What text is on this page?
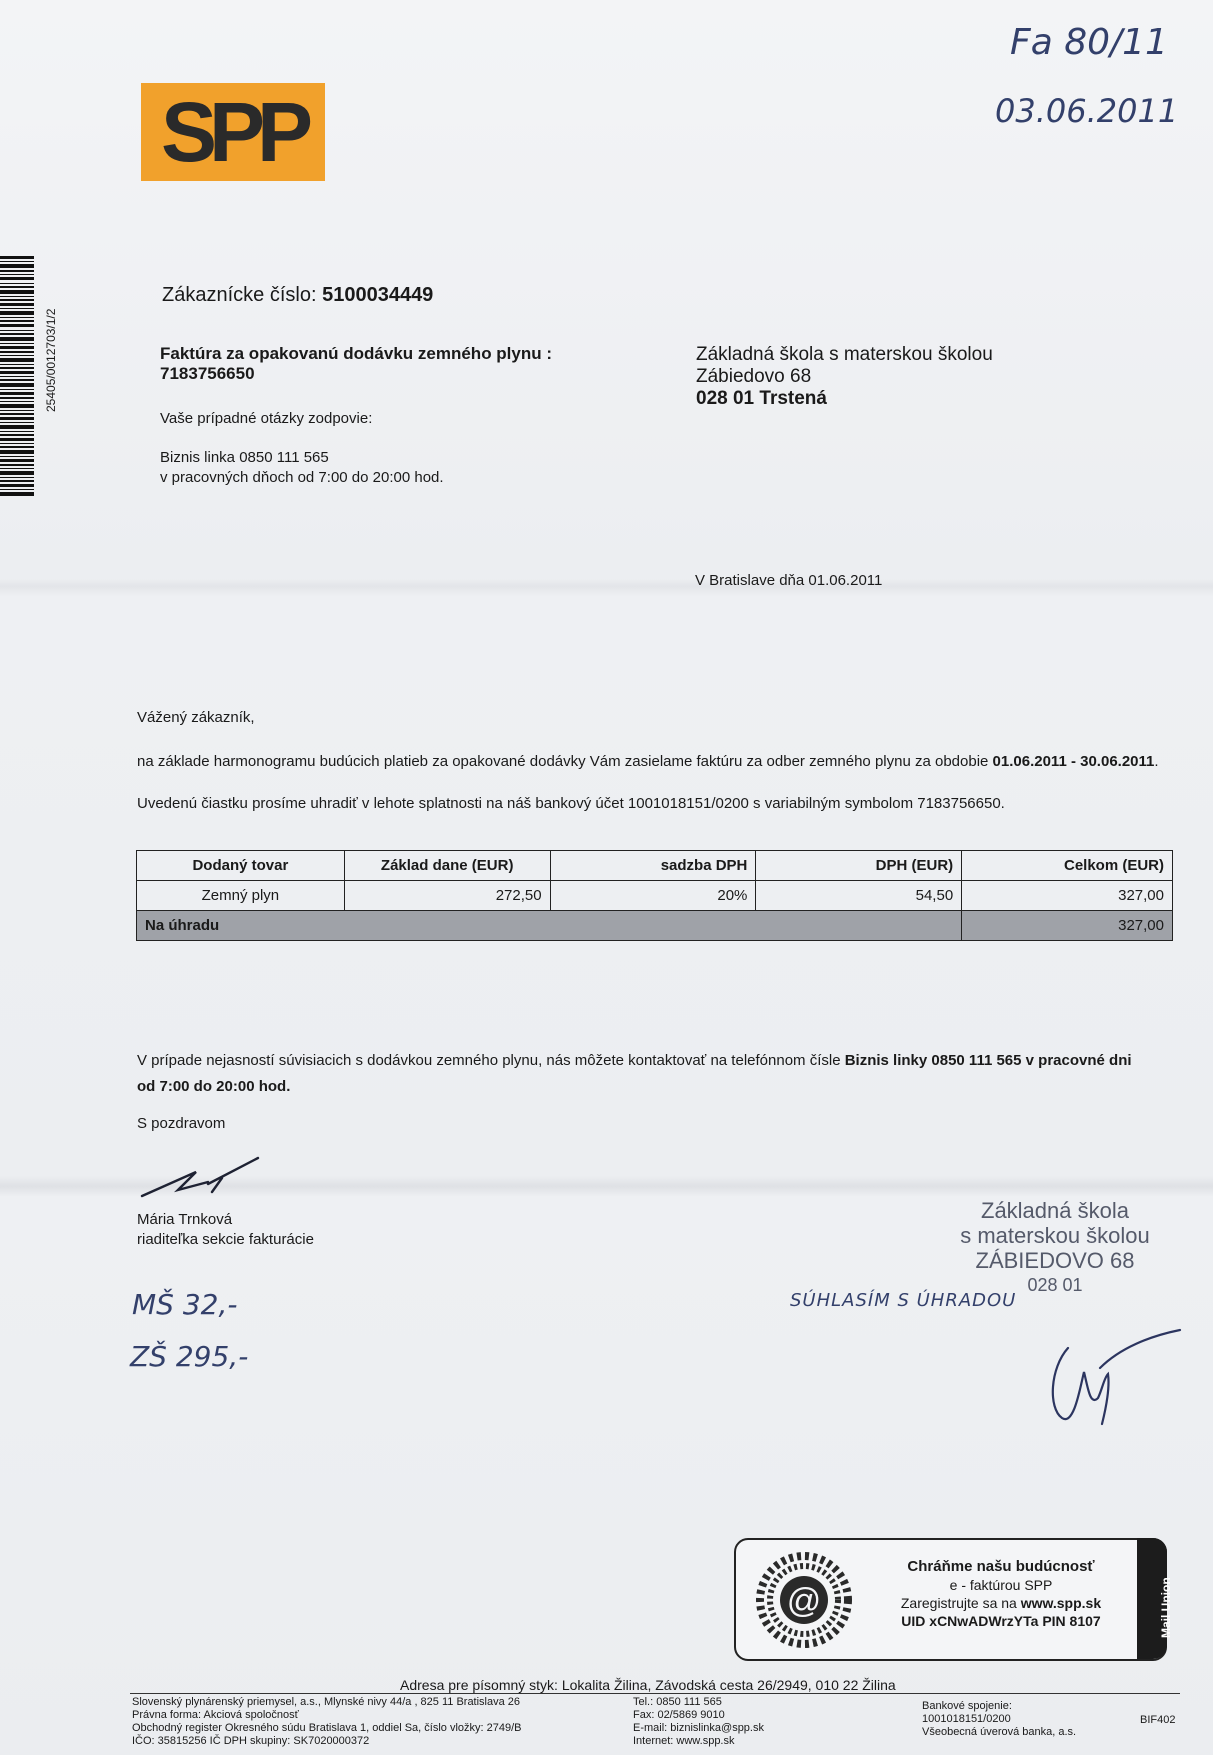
SPP
25405/0012703/1/2
Fa 80/11
03.06.2011
Zákaznícke číslo: 5100034449
Faktúra za opakovanú dodávku zemného plynu :
7183756650
Vaše prípadné otázky zodpovie:
Biznis linka 0850 111 565
v pracovných dňoch od 7:00 do 20:00 hod.
Základná škola s materskou školou
Zábiedovo 68
028 01 Trstená
V Bratislave dňa 01.06.2011
Vážený zákazník,
na základe harmonogramu budúcich platieb za opakované dodávky Vám zasielame faktúru za odber zemného plynu za obdobie 01.06.2011 - 30.06.2011.
Uvedenú čiastku prosíme uhradiť v lehote splatnosti na náš bankový účet 1001018151/0200 s variabilným symbolom 7183756650.
Dodaný tovar	Základ dane (EUR)	sadzba DPH	DPH (EUR)	Celkom (EUR)
Zemný plyn	272,50	20%	54,50	327,00
Na úhradu				327,00
V prípade nejasností súvisiacich s dodávkou zemného plynu, nás môžete kontaktovať na telefónnom čísle Biznis linky 0850 111 565 v pracovné dni od 7:00 do 20:00 hod.
S pozdravom
Mária Trnková
riaditeľka sekcie fakturácie
MŠ 32,-
ZŠ 295,-
SÚHLASÍM S ÚHRADOU
Základná škola
s materskou školou
ZÁBIEDOVO 68
028 01
@
Chráňme našu budúcnosť
e - faktúrou SPP
Zaregistrujte sa na www.spp.sk
UID xCNwADWrzYTa PIN 8107	Mail Union
Adresa pre písomný styk: Lokalita Žilina, Závodská cesta 26/2949, 010 22 Žilina
Slovenský plynárenský priemysel, a.s., Mlynské nivy 44/a , 825 11 Bratislava 26
Právna forma: Akciová spoločnosť
Obchodný register Okresného súdu Bratislava 1, oddiel Sa, číslo vložky: 2749/B
IČO: 35815256 IČ DPH skupiny: SK7020000372
Tel.: 0850 111 565
Fax: 02/5869 9010
E-mail: biznislinka@spp.sk
Internet: www.spp.sk
Bankové spojenie:
1001018151/0200
Všeobecná úverová banka, a.s.
BIF402
